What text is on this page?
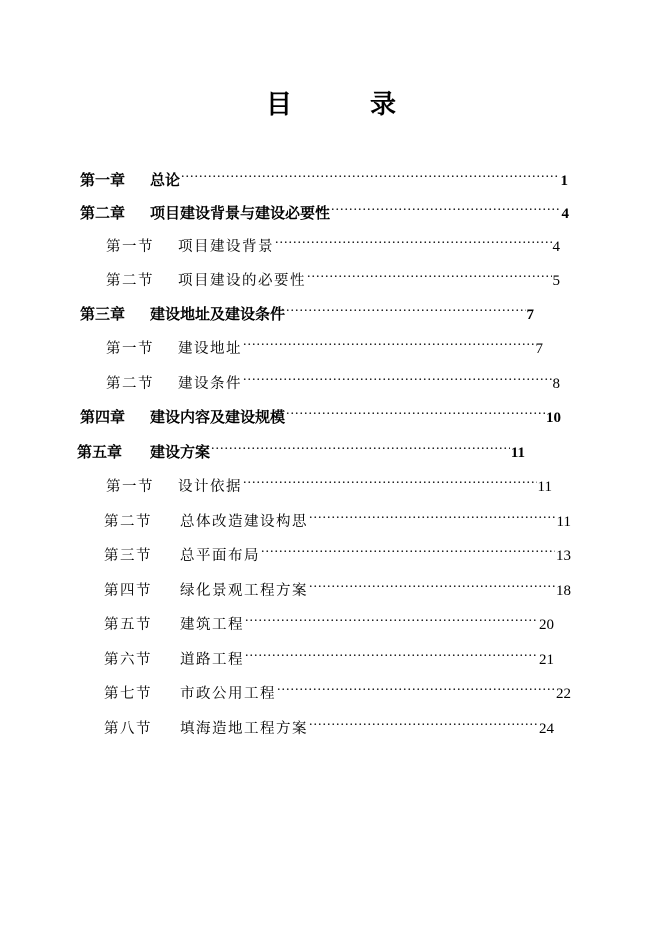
目　录
第一章	总论 .....	1
第二章	项目建设背景与建设必要性 .....	4
第一节	项目建设背景 .....	4
第二节	项目建设的必要性 .....	5
第三章	建设地址及建设条件 .....	7
第一节	建设地址 .....	7
第二节	建设条件 .....	8
第四章	建设内容及建设规模 .....	10
第五章	建设方案 .....	11
第一节	设计依据 .....	11
第二节	总体改造建设构思 .....	11
第三节	总平面布局 .....	13
第四节	绿化景观工程方案 .....	18
第五节	建筑工程 .....	20
第六节	道路工程 .....	21
第七节	市政公用工程 .....	22
第八节	填海造地工程方案 .....	24
